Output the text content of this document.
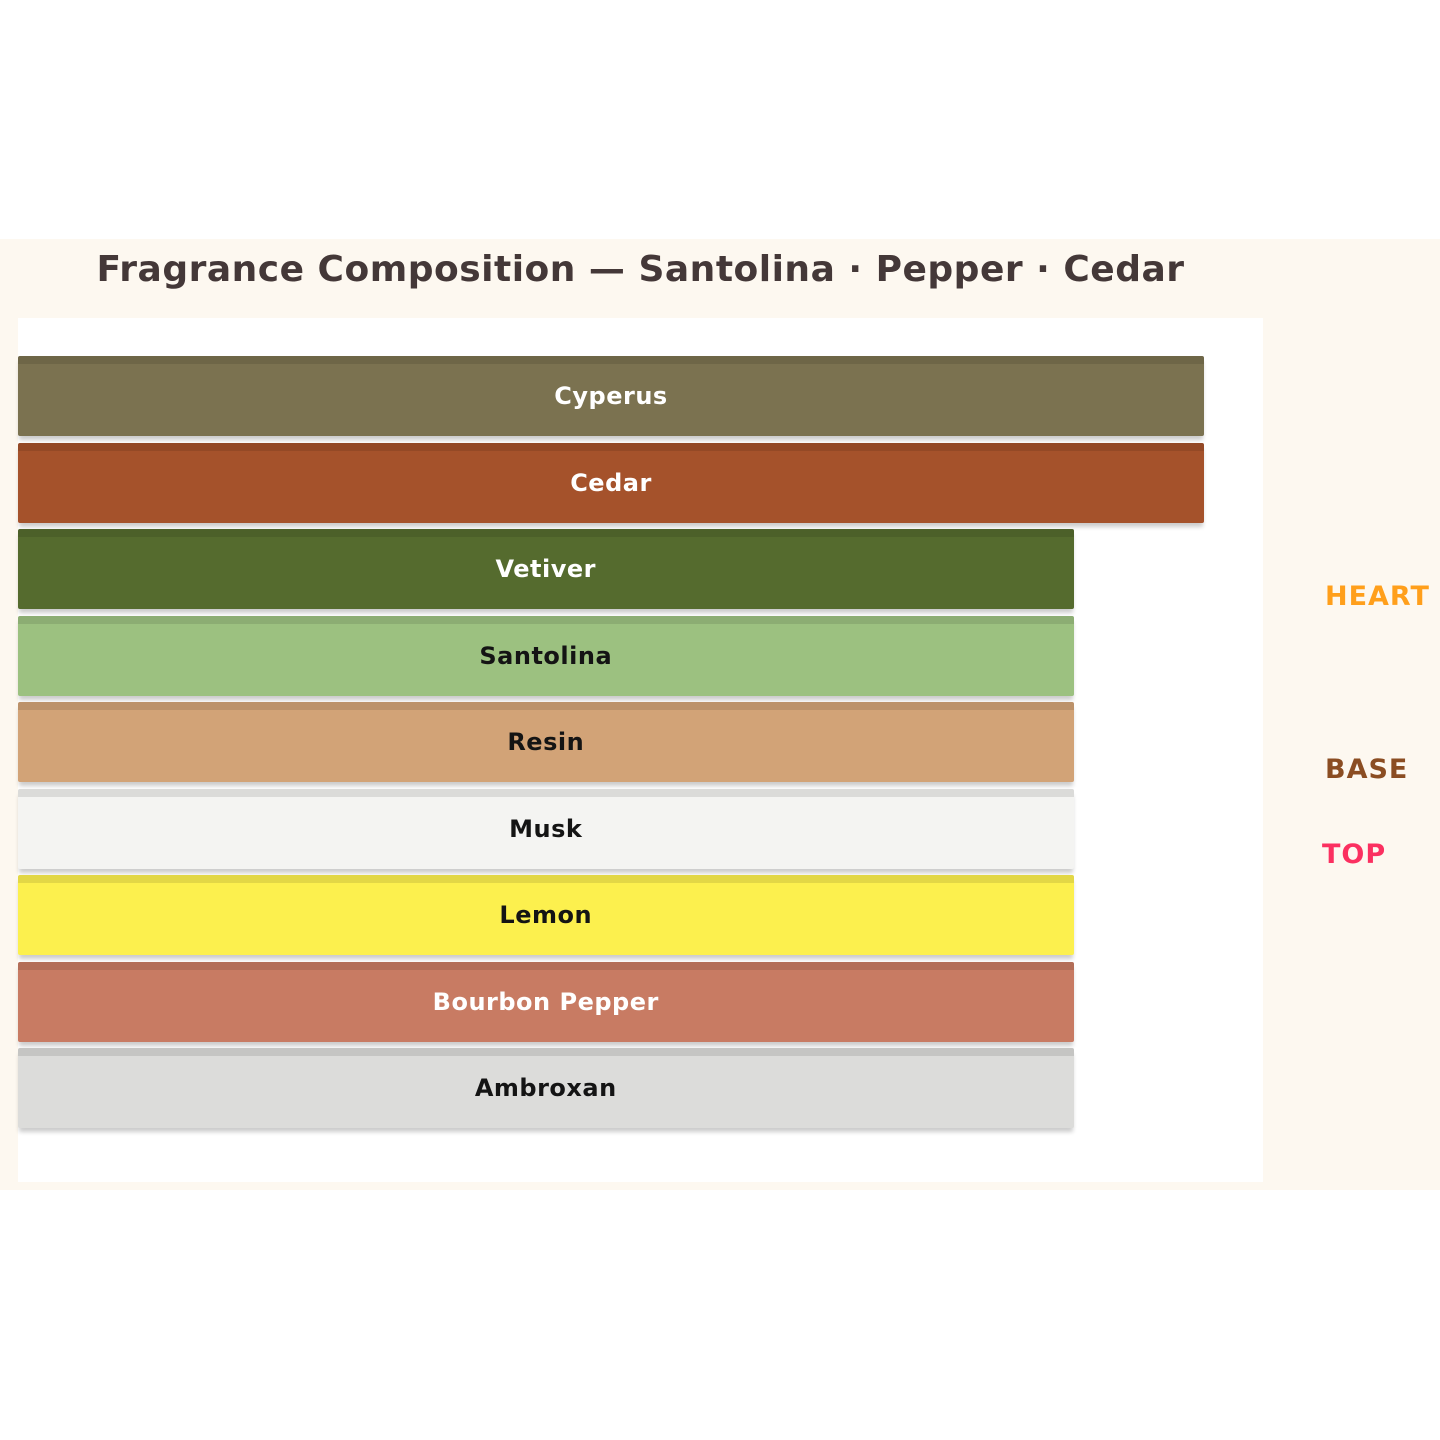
Fragrance Composition — Santolina · Pepper · Cedar
Cyperus
Cedar
Vetiver
Santolina
Resin
Musk
Lemon
Bourbon Pepper
Ambroxan
HEART
BASE
TOP
